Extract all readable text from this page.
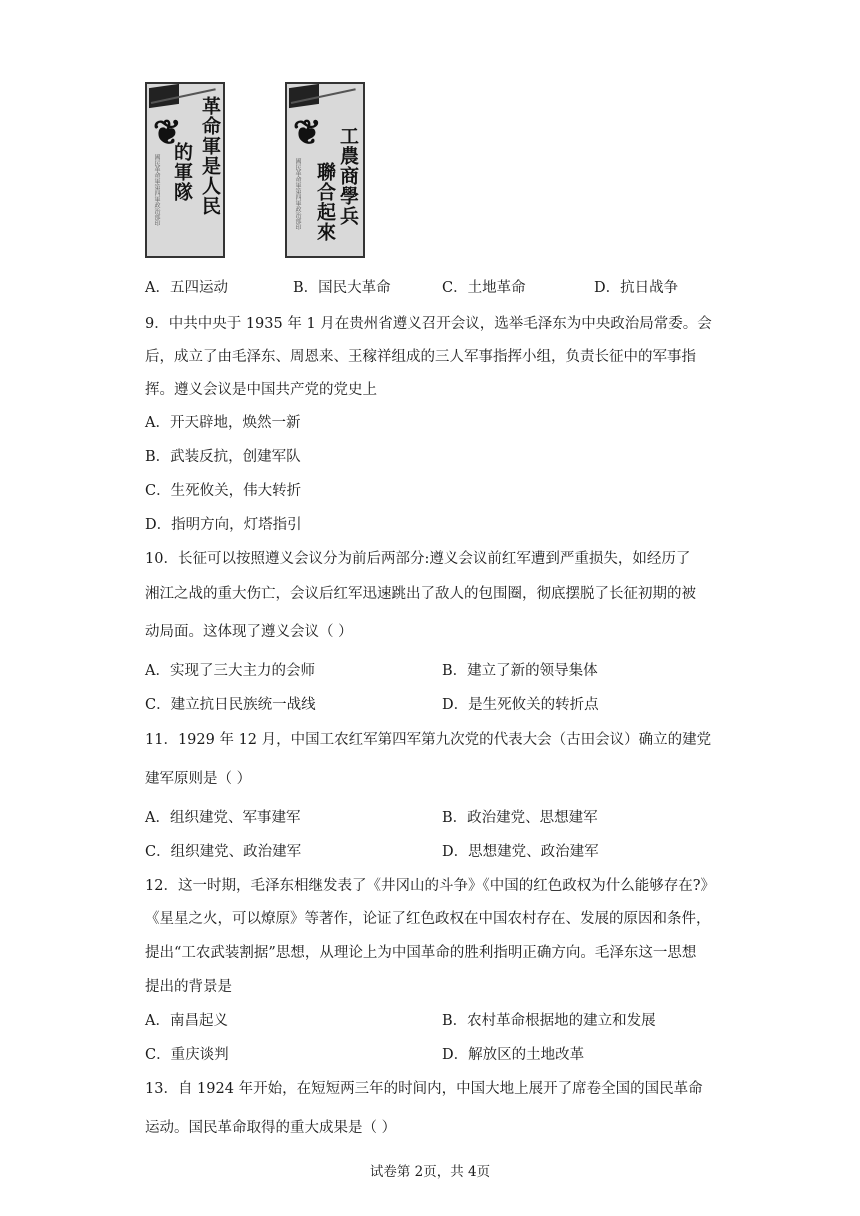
❦ 革命軍是人民
的軍隊
國民革命軍第四軍政治部印
❦ 工農商學兵
聯合起來
國民革命軍第四軍政治部印
A．五四运动	B．国民大革命	C．土地革命	D．抗日战争
9．中共中央于 1935 年 1 月在贵州省遵义召开会议，选举毛泽东为中央政治局常委。会
后，成立了由毛泽东、周恩来、王稼祥组成的三人军事指挥小组，负责长征中的军事指
挥。遵义会议是中国共产党的党史上
A．开天辟地，焕然一新
B．武装反抗，创建军队
C．生死攸关，伟大转折
D．指明方向，灯塔指引
10．长征可以按照遵义会议分为前后两部分:遵义会议前红军遭到严重损失，如经历了
湘江之战的重大伤亡，会议后红军迅速跳出了敌人的包围圈，彻底摆脱了长征初期的被
动局面。这体现了遵义会议（ ）
A．实现了三大主力的会师	B．建立了新的领导集体
C．建立抗日民族统一战线	D．是生死攸关的转折点
11．1929 年 12 月，中国工农红军第四军第九次党的代表大会（古田会议）确立的建党
建军原则是（ ）
A．组织建党、军事建军	B．政治建党、思想建军
C．组织建党、政治建军	D．思想建党、政治建军
12．这一时期，毛泽东相继发表了《井冈山的斗争》《中国的红色政权为什么能够存在?》
《星星之火，可以燎原》等著作，论证了红色政权在中国农村存在、发展的原因和条件，
提出“工农武装割据”思想，从理论上为中国革命的胜利指明正确方向。毛泽东这一思想
提出的背景是
A．南昌起义	B．农村革命根据地的建立和发展
C．重庆谈判	D．解放区的土地改革
13．自 1924 年开始，在短短两三年的时间内，中国大地上展开了席卷全国的国民革命
运动。国民革命取得的重大成果是（ ）
试卷第 2页，共 4页
